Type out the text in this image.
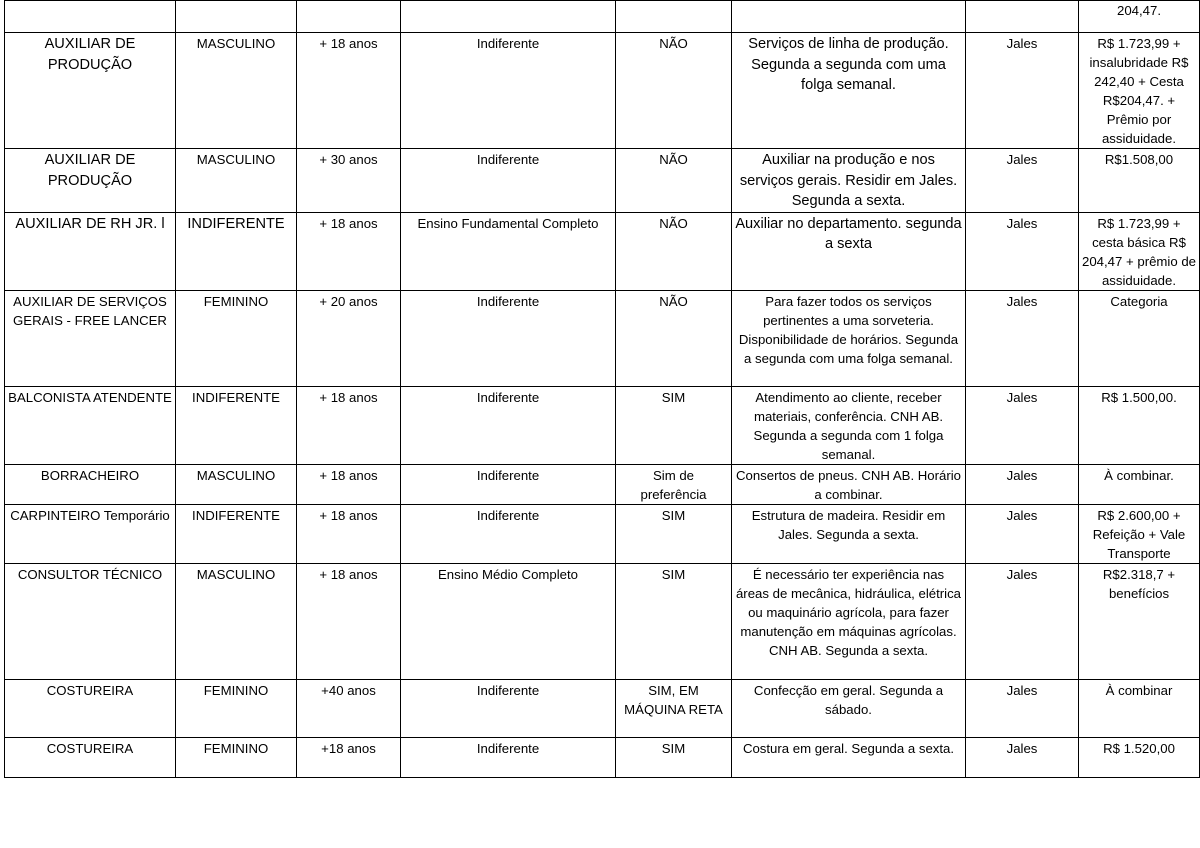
							204,47.
AUXILIAR DE PRODUÇÃO	MASCULINO	+ 18 anos	Indiferente	NÃO	Serviços de linha de produção. Segunda a segunda com uma folga semanal.	Jales	R$ 1.723,99 + insalubridade R$ 242,40 + Cesta R$204,47. + Prêmio por assiduidade.
AUXILIAR DE PRODUÇÃO	MASCULINO	+ 30 anos	Indiferente	NÃO	Auxiliar na produção e nos serviços gerais. Residir em Jales. Segunda a sexta.	Jales	R$1.508,00
AUXILIAR DE RH JR. l	INDIFERENTE	+ 18 anos	Ensino Fundamental Completo	NÃO	Auxiliar no departamento. segunda a sexta	Jales	R$ 1.723,99 + cesta básica R$ 204,47 + prêmio de assiduidade.
AUXILIAR DE SERVIÇOS GERAIS - FREE LANCER	FEMININO	+ 20 anos	Indiferente	NÃO	Para fazer todos os serviços pertinentes a uma sorveteria. Disponibilidade de horários. Segunda a segunda com uma folga semanal.	Jales	Categoria
BALCONISTA ATENDENTE	INDIFERENTE	+ 18 anos	Indiferente	SIM	Atendimento ao cliente, receber materiais, conferência. CNH AB. Segunda a segunda com 1 folga semanal.	Jales	R$ 1.500,00.
BORRACHEIRO	MASCULINO	+ 18 anos	Indiferente	Sim de preferência	Consertos de pneus. CNH AB. Horário a combinar.	Jales	À combinar.
CARPINTEIRO Temporário	INDIFERENTE	+ 18 anos	Indiferente	SIM	Estrutura de madeira. Residir em Jales. Segunda a sexta.	Jales	R$ 2.600,00 + Refeição + Vale Transporte
CONSULTOR TÉCNICO	MASCULINO	+ 18 anos	Ensino Médio Completo	SIM	É necessário ter experiência nas áreas de mecânica, hidráulica, elétrica ou maquinário agrícola, para fazer manutenção em máquinas agrícolas. CNH AB. Segunda a sexta.	Jales	R$2.318,7 + benefícios
COSTUREIRA	FEMININO	+40 anos	Indiferente	SIM, EM MÁQUINA RETA	Confecção em geral. Segunda a sábado.	Jales	À combinar
COSTUREIRA	FEMININO	+18 anos	Indiferente	SIM	Costura em geral. Segunda a sexta.	Jales	R$ 1.520,00
